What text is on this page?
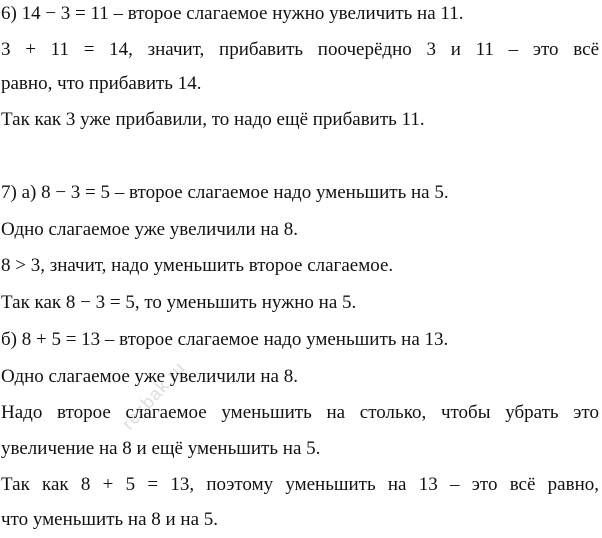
6) 14 − 3 = 11 – второе слагаемое нужно увеличить на 11.
3 + 11 = 14, значит, прибавить поочерёдно 3 и 11 – это всё
равно, что прибавить 14.
Так как 3 уже прибавили, то надо ещё прибавить 11.
7) а) 8 − 3 = 5 – второе слагаемое надо уменьшить на 5.
Одно слагаемое уже увеличили на 8.
8 > 3, значит, надо уменьшить второе слагаемое.
Так как 8 − 3 = 5, то уменьшить нужно на 5.
б) 8 + 5 = 13 – второе слагаемое надо уменьшить на 13.
Одно слагаемое уже увеличили на 8.
Надо второе слагаемое уменьшить на столько, чтобы убрать это
увеличение на 8 и ещё уменьшить на 5.
Так как 8 + 5 = 13, поэтому уменьшить на 13 – это всё равно,
что уменьшить на 8 и на 5.
resbak.ru
